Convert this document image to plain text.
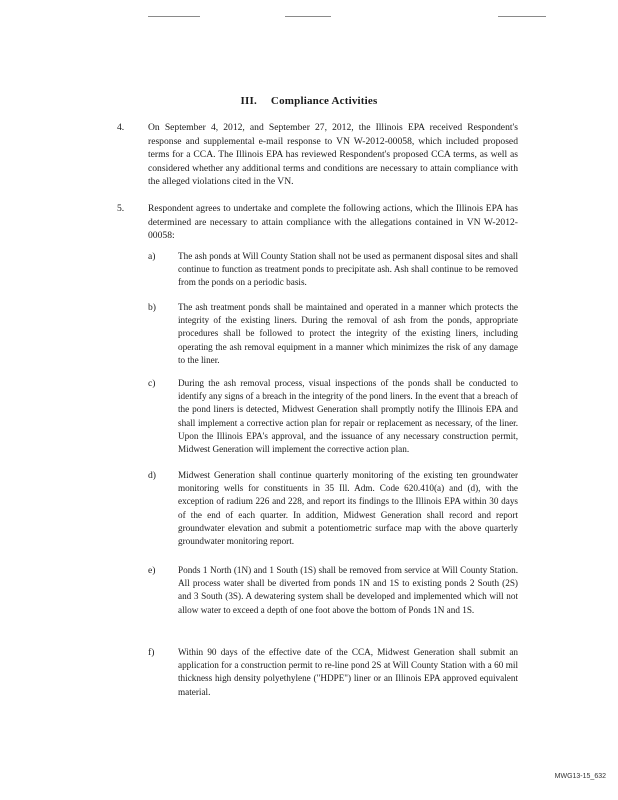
III. Compliance Activities
4. On September 4, 2012, and September 27, 2012, the Illinois EPA received Respondent's response and supplemental e-mail response to VN W-2012-00058, which included proposed terms for a CCA. The Illinois EPA has reviewed Respondent's proposed CCA terms, as well as considered whether any additional terms and conditions are necessary to attain compliance with the alleged violations cited in the VN.
5. Respondent agrees to undertake and complete the following actions, which the Illinois EPA has determined are necessary to attain compliance with the allegations contained in VN W-2012-00058:
a) The ash ponds at Will County Station shall not be used as permanent disposal sites and shall continue to function as treatment ponds to precipitate ash. Ash shall continue to be removed from the ponds on a periodic basis.
b) The ash treatment ponds shall be maintained and operated in a manner which protects the integrity of the existing liners. During the removal of ash from the ponds, appropriate procedures shall be followed to protect the integrity of the existing liners, including operating the ash removal equipment in a manner which minimizes the risk of any damage to the liner.
c) During the ash removal process, visual inspections of the ponds shall be conducted to identify any signs of a breach in the integrity of the pond liners. In the event that a breach of the pond liners is detected, Midwest Generation shall promptly notify the Illinois EPA and shall implement a corrective action plan for repair or replacement as necessary, of the liner. Upon the Illinois EPA's approval, and the issuance of any necessary construction permit, Midwest Generation will implement the corrective action plan.
d) Midwest Generation shall continue quarterly monitoring of the existing ten groundwater monitoring wells for constituents in 35 Ill. Adm. Code 620.410(a) and (d), with the exception of radium 226 and 228, and report its findings to the Illinois EPA within 30 days of the end of each quarter. In addition, Midwest Generation shall record and report groundwater elevation and submit a potentiometric surface map with the above quarterly groundwater monitoring report.
e) Ponds 1 North (1N) and 1 South (1S) shall be removed from service at Will County Station. All process water shall be diverted from ponds 1N and 1S to existing ponds 2 South (2S) and 3 South (3S). A dewatering system shall be developed and implemented which will not allow water to exceed a depth of one foot above the bottom of Ponds 1N and 1S.
f)	Within 90 days of the effective date of the CCA, Midwest Generation shall submit an application for a construction permit to re-line pond 2S at Will County Station with a 60 mil thickness high density polyethylene ("HDPE") liner or an Illinois EPA approved equivalent material.
MWG13-15_632
